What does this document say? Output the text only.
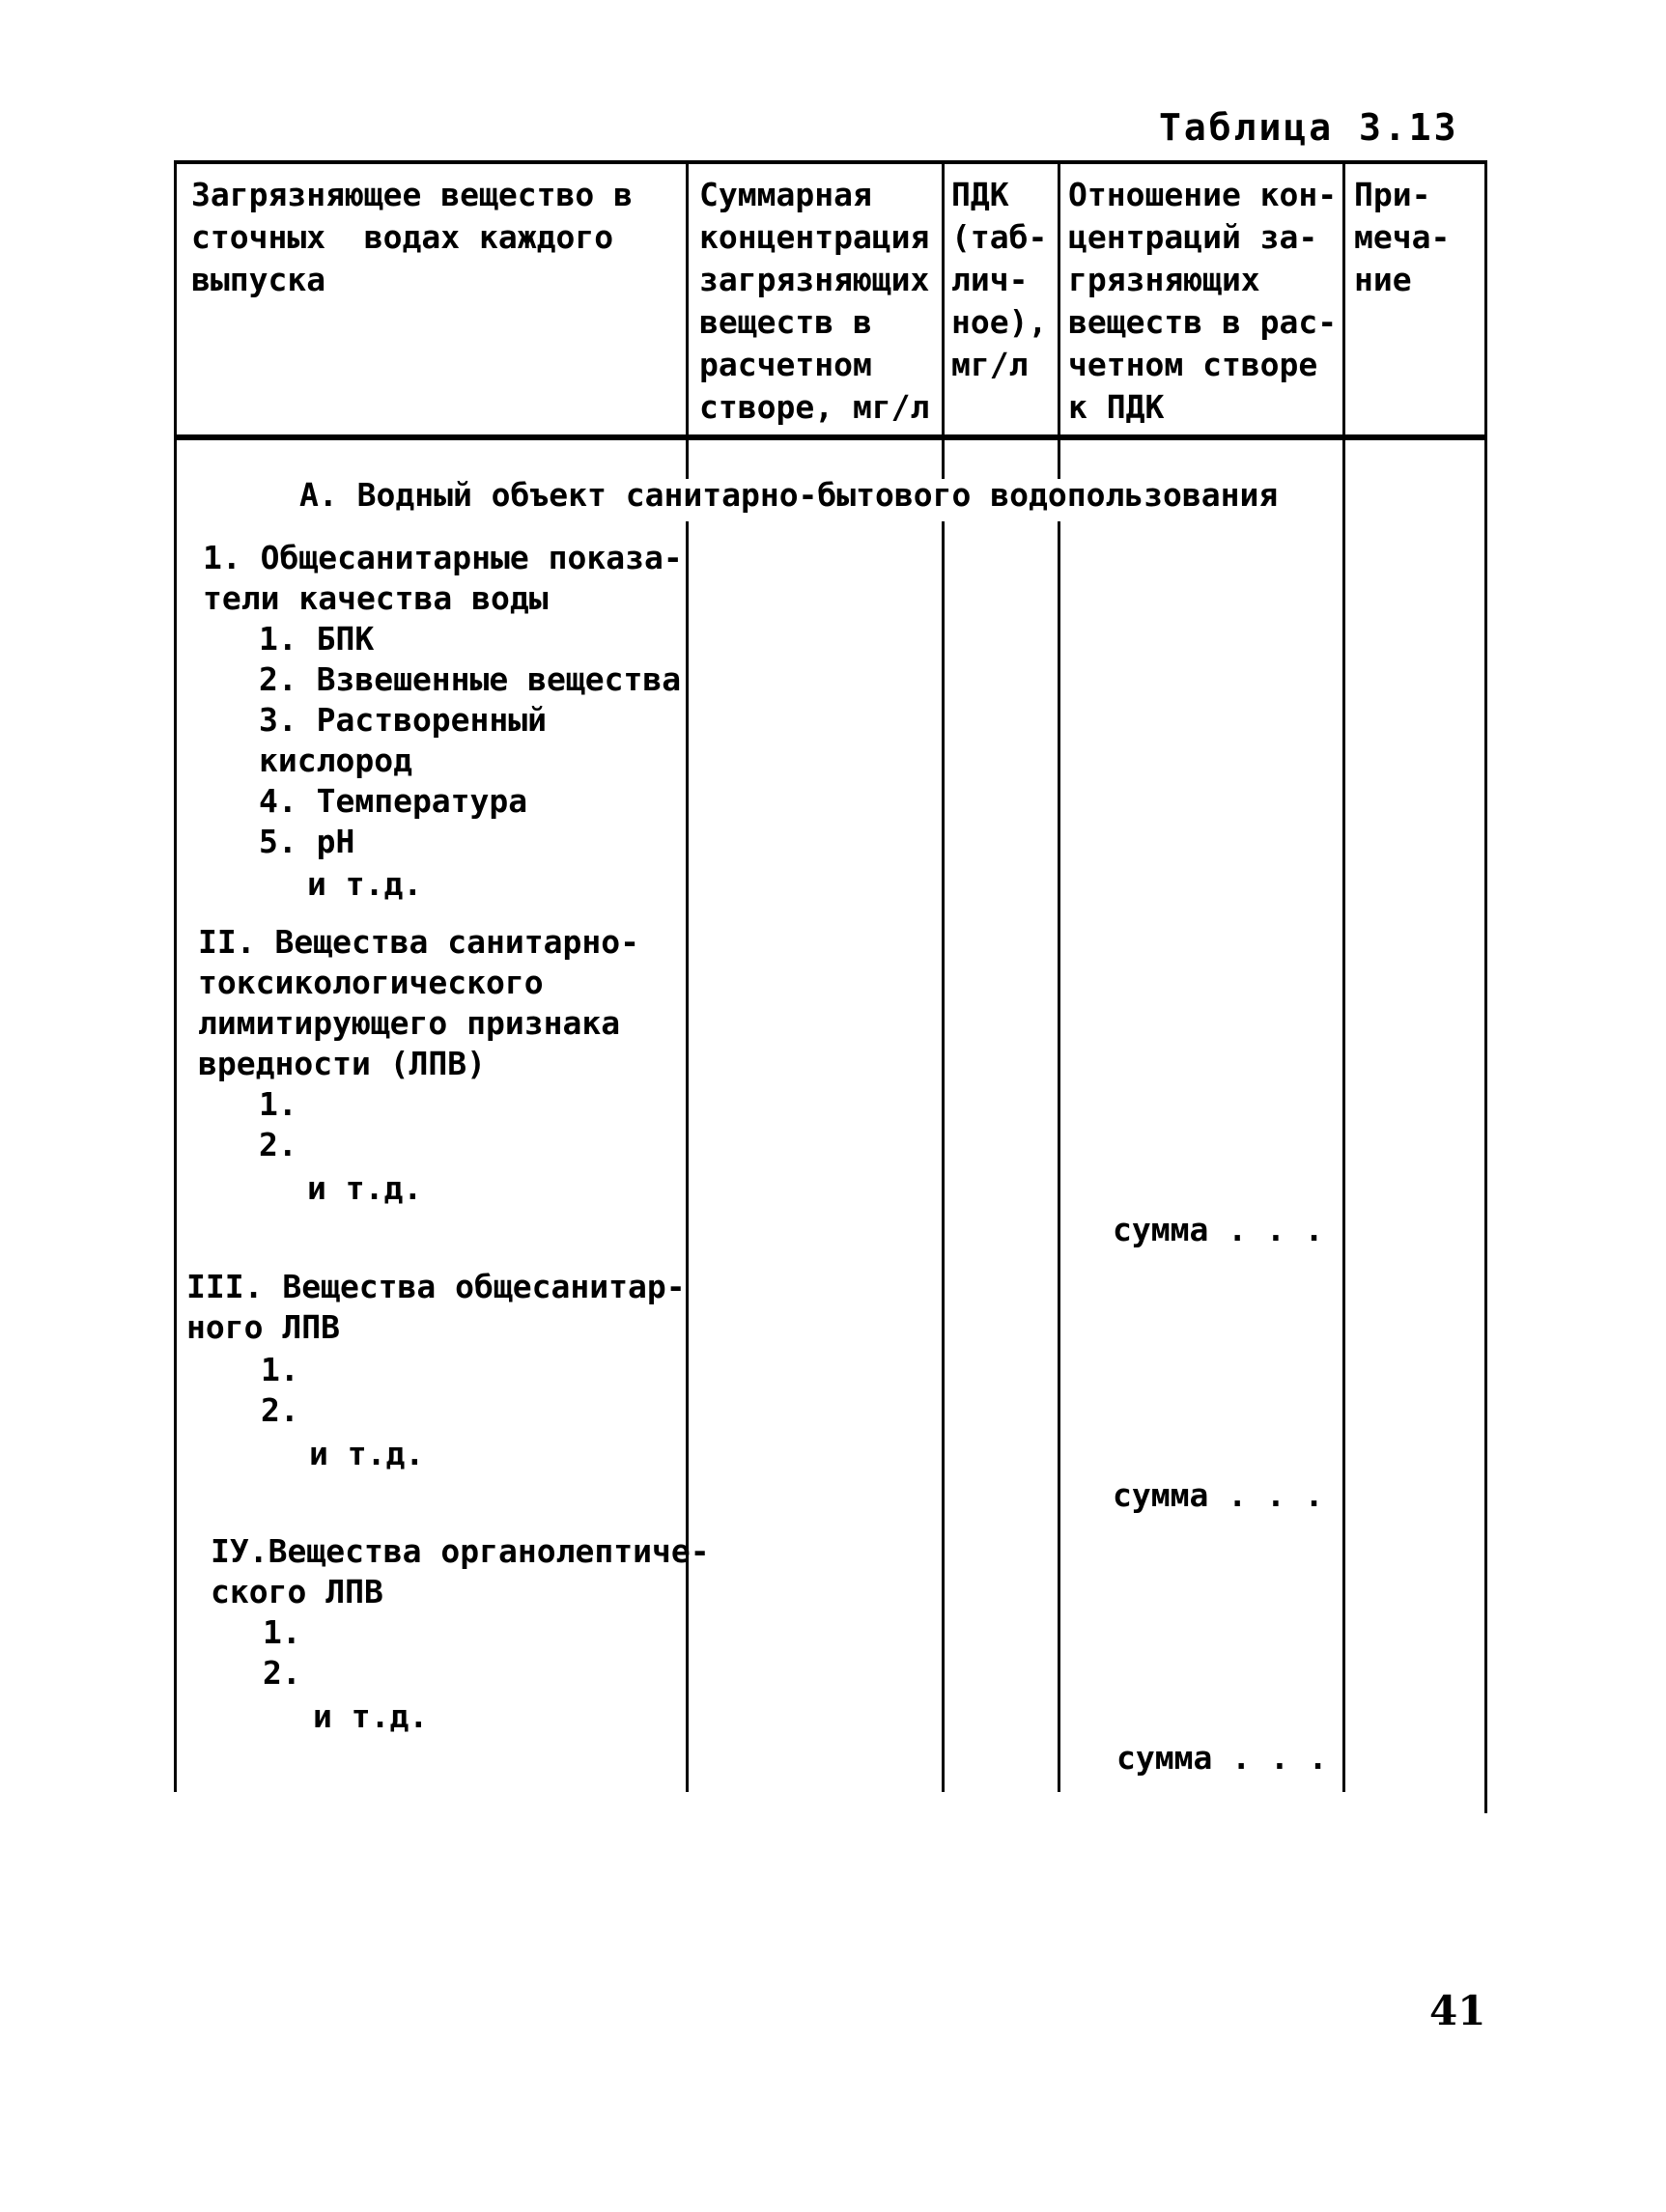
Таблица 3.13
Загрязняющее вещество в
сточных  водах каждого
выпуска
Суммарная
концентрация
загрязняющих
веществ в
расчетном
створе, мг/л
ПДК
(таб-
лич-
ное),
мг/л
Отношение кон-
центраций за-
грязняющих
веществ в рас-
четном створе
к ПДК
При-
меча-
ние
А. Водный объект санитарно-бытового водопользования
1. Общесанитарные показа-
тели качества воды
1. БПК
2. Взвешенные вещества
3. Растворенный
кислород
4. Температура
5. рН
и т.д.
II. Вещества санитарно-
токсикологического
лимитирующего признака
вредности (ЛПВ)
1.
2.
и т.д.
сумма . . .
III. Вещества общесанитар-
ного ЛПВ
1.
2.
и т.д.
сумма . . .
IУ.Вещества органолептиче-
ского ЛПВ
1.
2.
и т.д.
сумма . . .
41
